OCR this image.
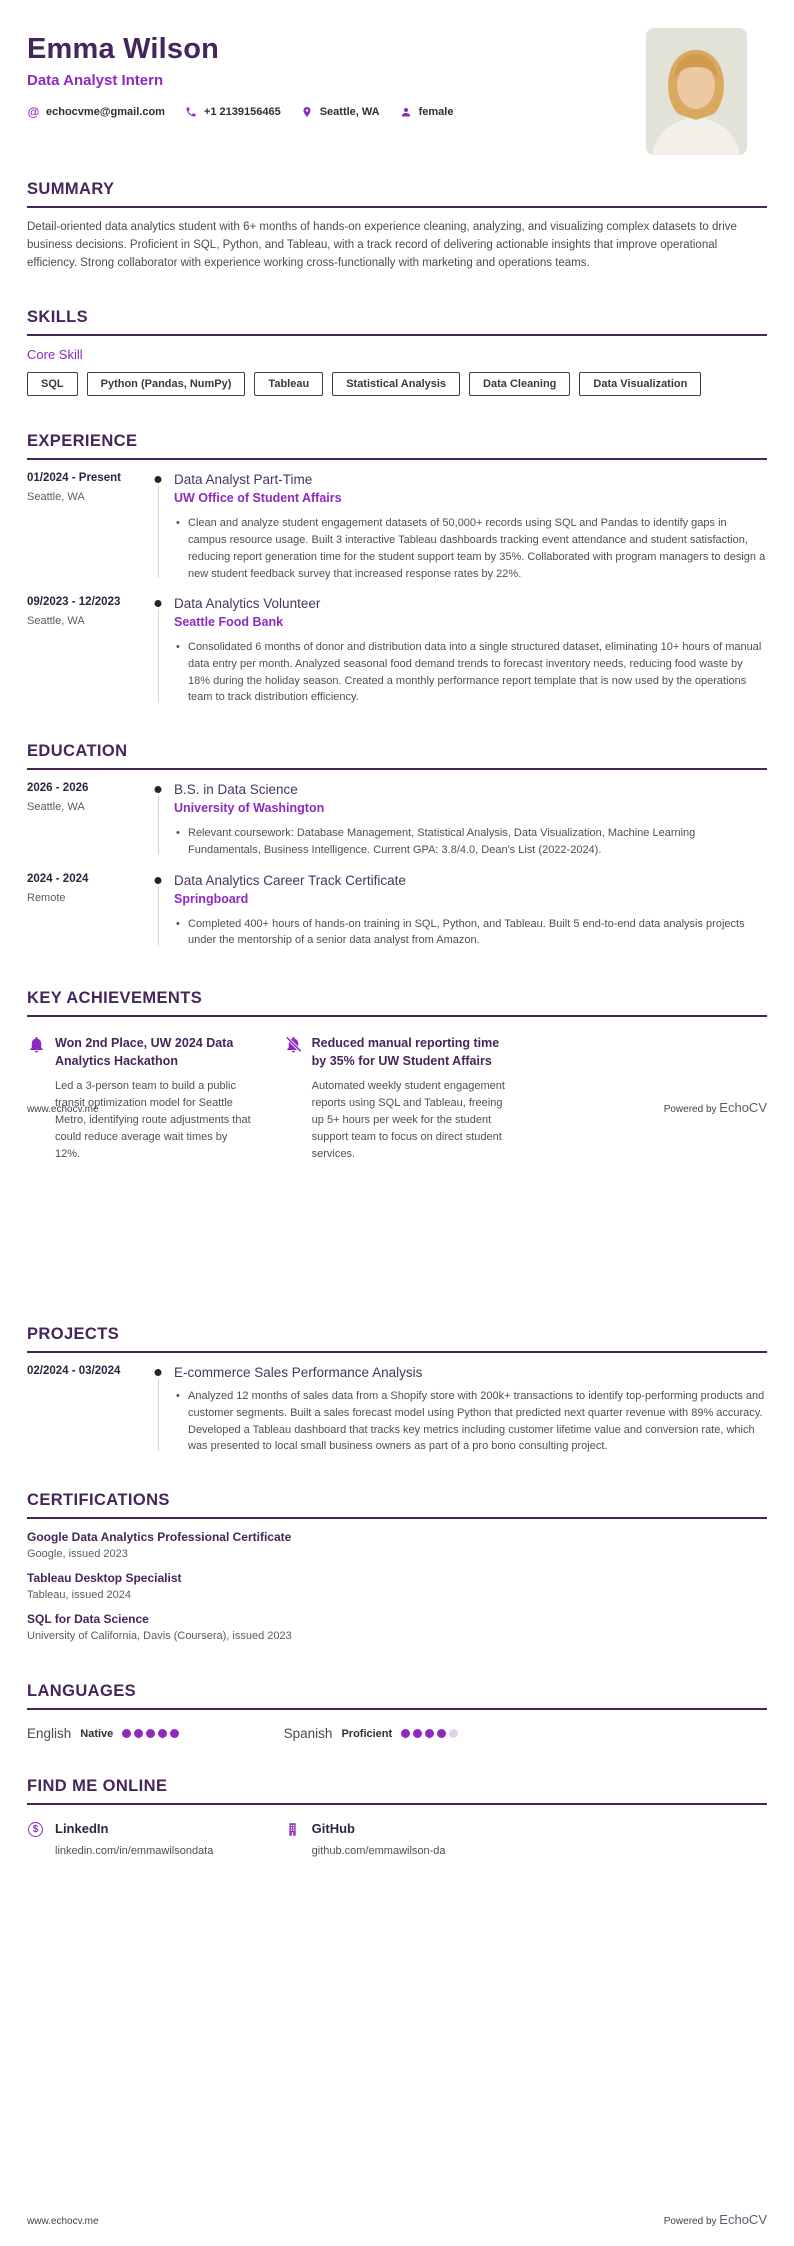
Emma Wilson
Data Analyst Intern
@ echocvme@gmail.com	+1 2139156465	Seattle, WA	female
SUMMARY

Detail-oriented data analytics student with 6+ months of hands-on experience cleaning, analyzing, and visualizing complex datasets to drive business decisions. Proficient in SQL, Python, and Tableau, with a track record of delivering actionable insights that improve operational efficiency. Strong collaborator with experience working cross-functionally with marketing and operations teams.

SKILLS
Core Skill
SQL	Python (Pandas, NumPy)	Tableau	Statistical Analysis	Data Cleaning	Data Visualization
EXPERIENCE
01/2024 - Present
Seattle, WA
Data Analyst Part-Time
UW Office of Student Affairs
• Clean and analyze student engagement datasets of 50,000+ records using SQL and Pandas to identify gaps in campus resource usage. Built 3 interactive Tableau dashboards tracking event attendance and student satisfaction, reducing report generation time for the student support team by 35%. Collaborated with program managers to design a new student feedback survey that increased response rates by 22%.
09/2023 - 12/2023
Seattle, WA
Data Analytics Volunteer
Seattle Food Bank
• Consolidated 6 months of donor and distribution data into a single structured dataset, eliminating 10+ hours of manual data entry per month. Analyzed seasonal food demand trends to forecast inventory needs, reducing food waste by 18% during the holiday season. Created a monthly performance report template that is now used by the operations team to track distribution efficiency.
EDUCATION
2026 - 2026
Seattle, WA
B.S. in Data Science
University of Washington
• Relevant coursework: Database Management, Statistical Analysis, Data Visualization, Machine Learning Fundamentals, Business Intelligence. Current GPA: 3.8/4.0, Dean's List (2022-2024).
2024 - 2024
Remote
Data Analytics Career Track Certificate
Springboard
• Completed 400+ hours of hands-on training in SQL, Python, and Tableau. Built 5 end-to-end data analysis projects under the mentorship of a senior data analyst from Amazon.
KEY ACHIEVEMENTS
Won 2nd Place, UW 2024 Data Analytics Hackathon

Led a 3-person team to build a public transit optimization model for Seattle Metro, identifying route adjustments that could reduce average wait times by 12%.

Reduced manual reporting time by 35% for UW Student Affairs

Automated weekly student engagement reports using SQL and Tableau, freeing up 5+ hours per week for the student support team to focus on direct student services.

PROJECTS
02/2024 - 03/2024	E-commerce Sales Performance Analysis
• Analyzed 12 months of sales data from a Shopify store with 200k+ transactions to identify top-performing products and customer segments. Built a sales forecast model using Python that predicted next quarter revenue with 89% accuracy. Developed a Tableau dashboard that tracks key metrics including customer lifetime value and conversion rate, which was presented to local small business owners as part of a pro bono consulting project.
CERTIFICATIONS
Google Data Analytics Professional Certificate
Google, issued 2023
Tableau Desktop Specialist
Tableau, issued 2024
SQL for Data Science
University of California, Davis (Coursera), issued 2023
LANGUAGES
English Native	Spanish Proficient
FIND ME ONLINE
$	LinkedIn
linkedin.com/in/emmawilsondata
GitHub
github.com/emmawilson-da
www.echocv.me	Powered by EchoCV
www.echocv.me	Powered by EchoCV
